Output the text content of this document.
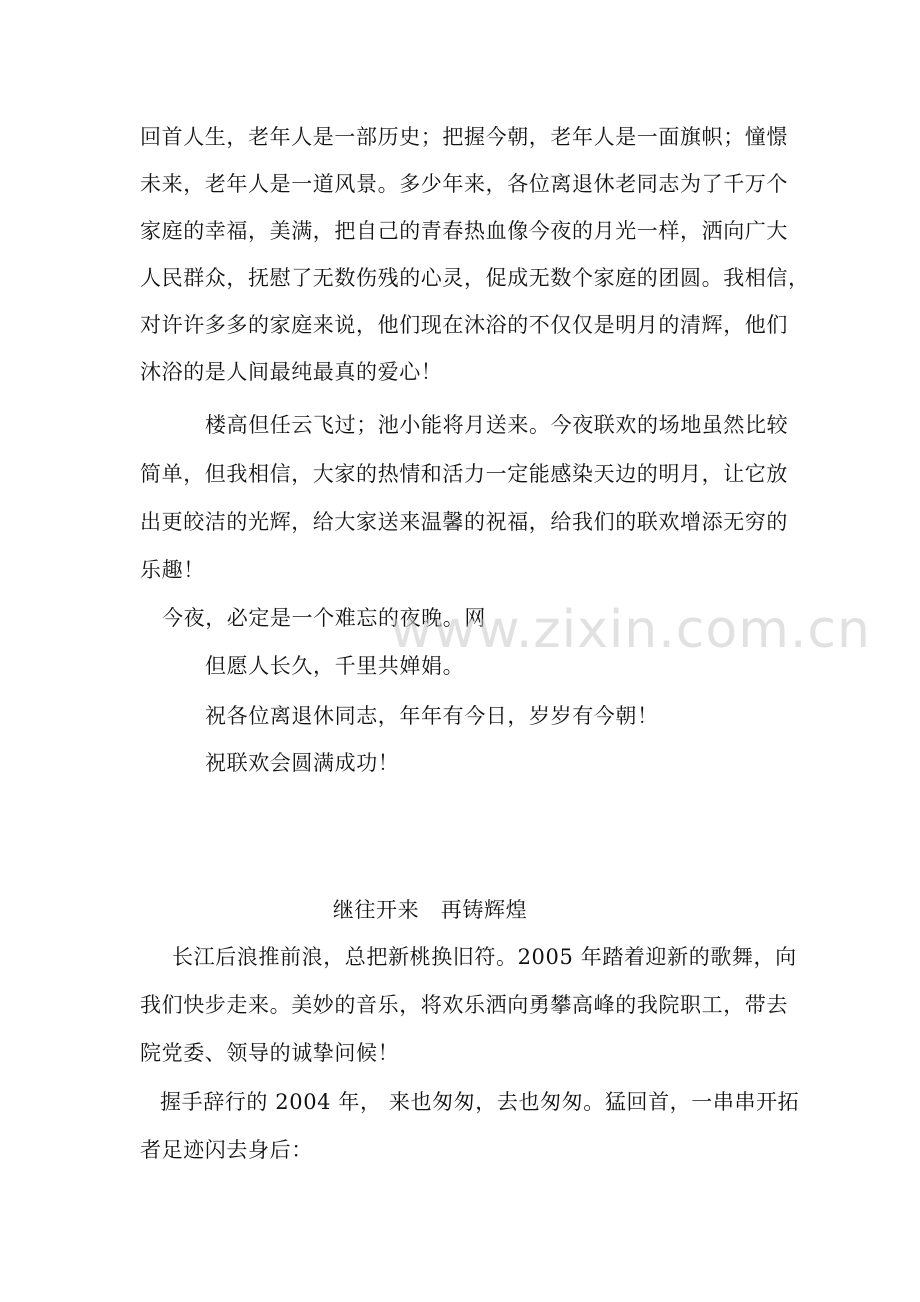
回首人生，老年人是一部历史；把握今朝，老年人是一面旗帜；憧憬
未来，老年人是一道风景。多少年来，各位离退休老同志为了千万个
家庭的幸福，美满，把自己的青春热血像今夜的月光一样，洒向广大
人民群众，抚慰了无数伤残的心灵，促成无数个家庭的团圆。我相信，
对许许多多的家庭来说，他们现在沐浴的不仅仅是明月的清辉，他们
沐浴的是人间最纯最真的爱心！
楼高但任云飞过；池小能将月送来。今夜联欢的场地虽然比较
简单，但我相信，大家的热情和活力一定能感染天边的明月，让它放
出更皎洁的光辉，给大家送来温馨的祝福，给我们的联欢增添无穷的
乐趣！
今夜，必定是一个难忘的夜晚。网
但愿人长久，千里共婵娟。
祝各位离退休同志，年年有今日，岁岁有今朝！
祝联欢会圆满成功！
继往开来　再铸辉煌
长江后浪推前浪，总把新桃换旧符。2005 年踏着迎新的歌舞，向
我们快步走来。美妙的音乐，将欢乐洒向勇攀高峰的我院职工，带去
院党委、领导的诚挚问候！
握手辞行的 2004 年， 来也匆匆，去也匆匆。猛回首，一串串开拓
者足迹闪去身后：
www.zixin.com.cn
